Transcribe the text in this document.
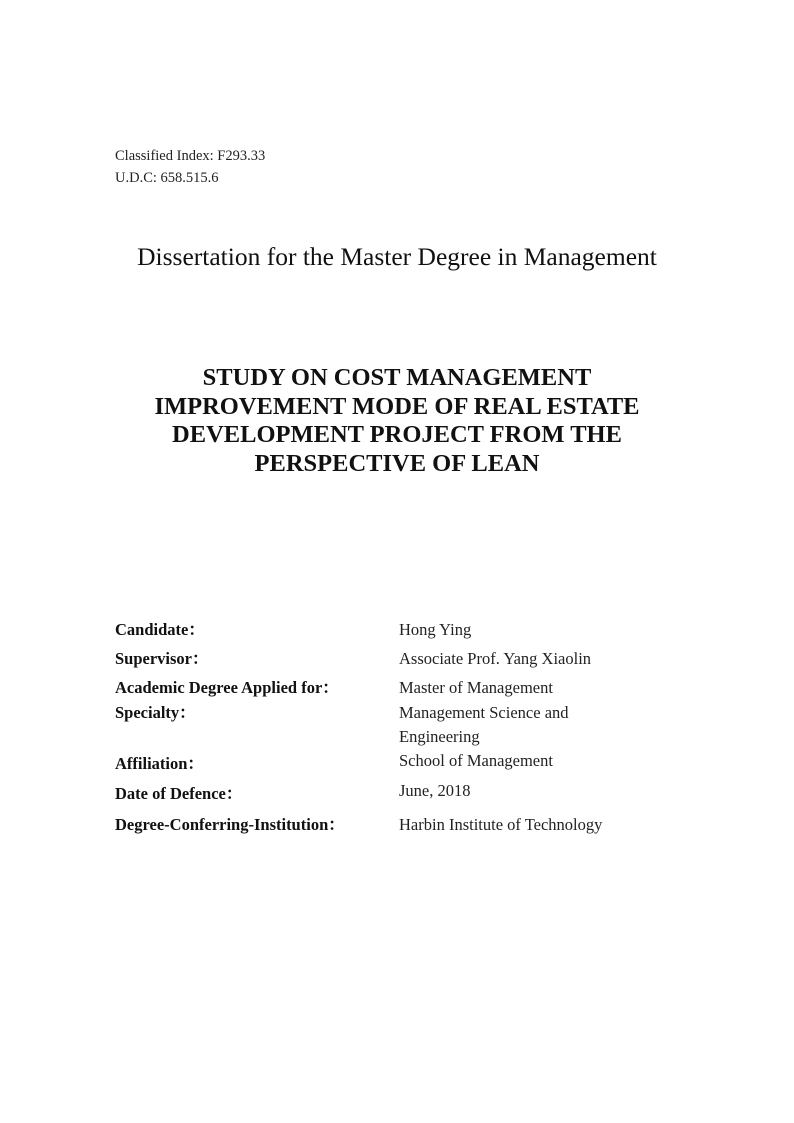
Classified Index: F293.33
U.D.C: 658.515.6
Dissertation for the Master Degree in Management
STUDY ON COST MANAGEMENT
IMPROVEMENT MODE OF REAL ESTATE
DEVELOPMENT PROJECT FROM THE
PERSPECTIVE OF LEAN
Candidate：	Hong Ying
Supervisor：	Associate Prof. Yang Xiaolin
Academic Degree Applied for：	Master of Management
Specialty：	Management Science and
Engineering
Affiliation：	School of Management
Date of Defence：	June, 2018
Degree-Conferring-Institution：	Harbin Institute of Technology
